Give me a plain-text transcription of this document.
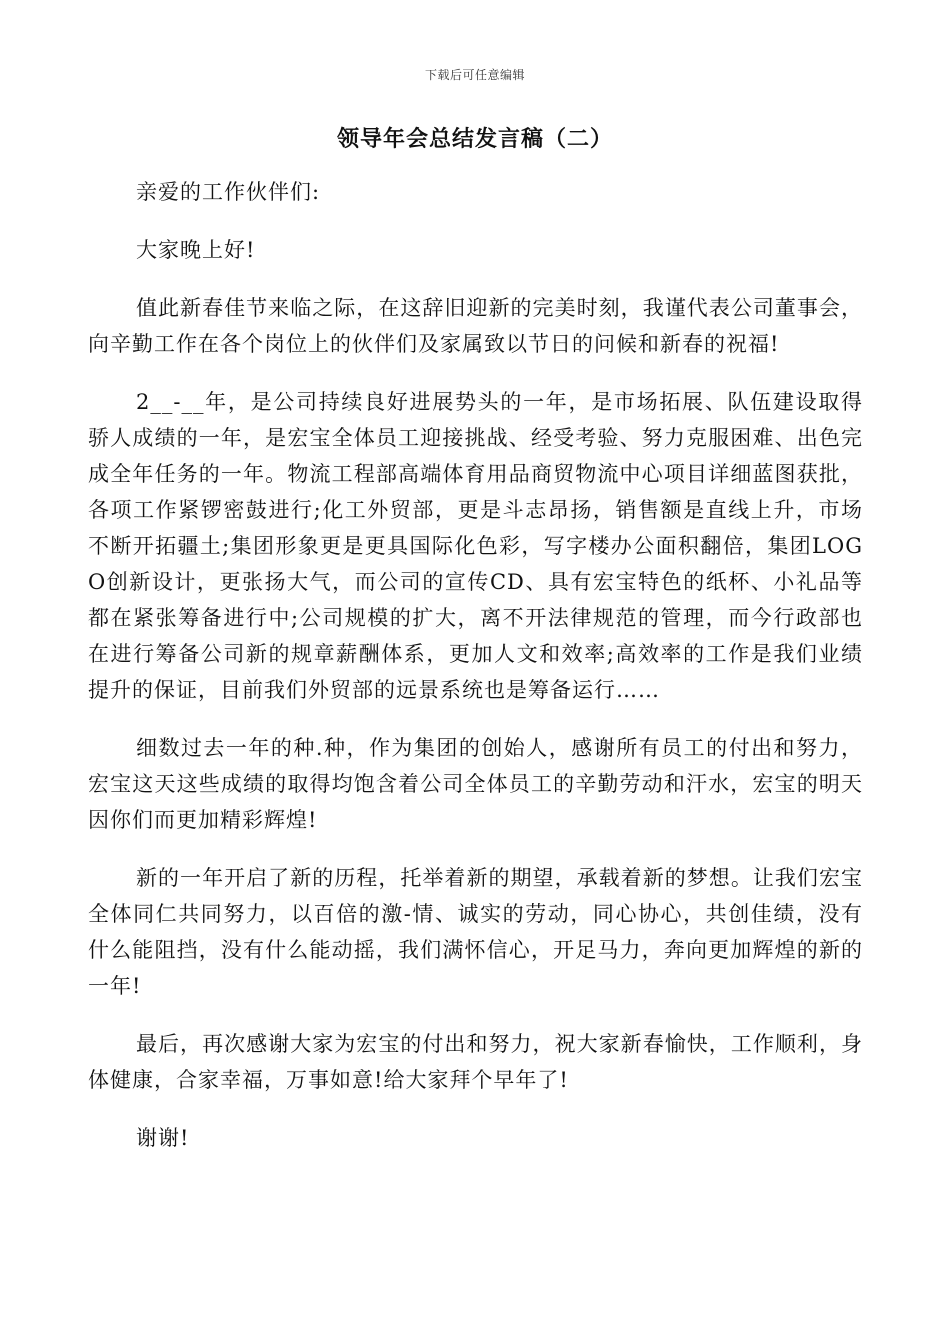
下载后可任意编辑
领导年会总结发言稿（二）

亲爱的工作伙伴们:

大家晚上好!

值此新春佳节来临之际，在这辞旧迎新的完美时刻，我谨代表公司董事会，向辛勤工作在各个岗位上的伙伴们及家属致以节日的问候和新春的祝福!

2__-__年，是公司持续良好进展势头的一年，是市场拓展、队伍建设取得骄人成绩的一年，是宏宝全体员工迎接挑战、经受考验、努力克服困难、出色完成全年任务的一年。物流工程部高端体育用品商贸物流中心项目详细蓝图获批，各项工作紧锣密鼓进行;化工外贸部，更是斗志昂扬，销售额是直线上升，市场不断开拓疆土;集团形象更是更具国际化色彩，写字楼办公面积翻倍，集团LOGO创新设计，更张扬大气，而公司的宣传CD、具有宏宝特色的纸杯、小礼品等都在紧张筹备进行中;公司规模的扩大，离不开法律规范的管理，而今行政部也在进行筹备公司新的规章薪酬体系，更加人文和效率;高效率的工作是我们业绩提升的保证，目前我们外贸部的远景系统也是筹备运行……

细数过去一年的种.种，作为集团的创始人，感谢所有员工的付出和努力，宏宝这天这些成绩的取得均饱含着公司全体员工的辛勤劳动和汗水，宏宝的明天因你们而更加精彩辉煌!

新的一年开启了新的历程，托举着新的期望，承载着新的梦想。让我们宏宝全体同仁共同努力，以百倍的激-情、诚实的劳动，同心协心，共创佳绩，没有什么能阻挡，没有什么能动摇，我们满怀信心，开足马力，奔向更加辉煌的新的一年!

最后，再次感谢大家为宏宝的付出和努力，祝大家新春愉快，工作顺利，身体健康，合家幸福，万事如意!给大家拜个早年了!

谢谢!
